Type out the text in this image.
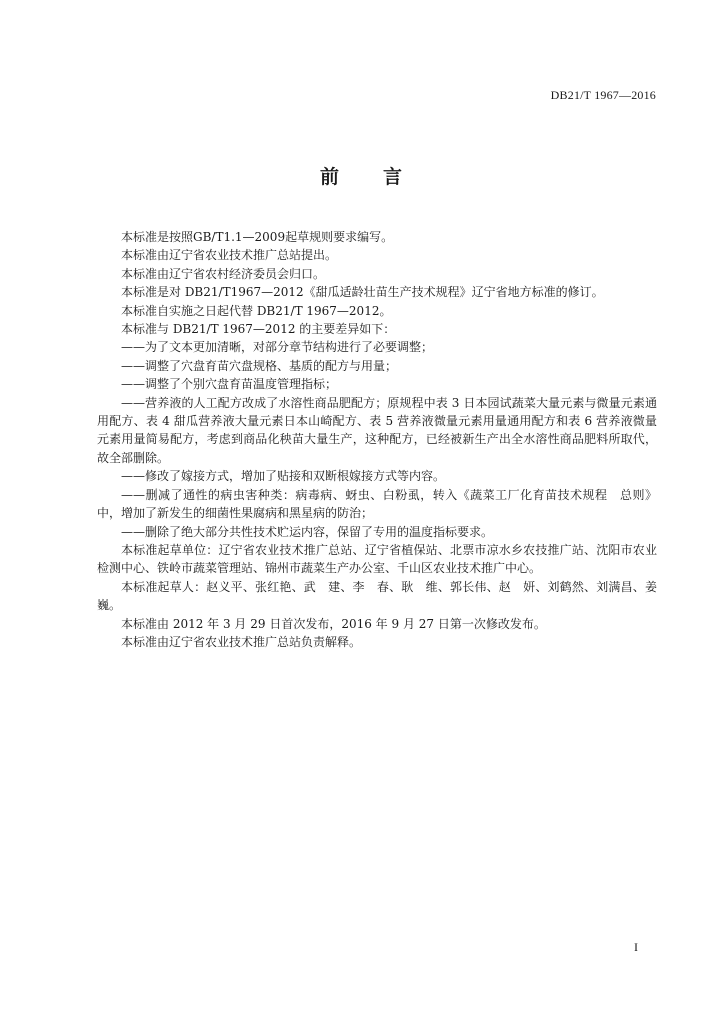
DB21/T 1967—2016
前　　言

本标准是按照GB/T1.1—2009起草规则要求编写。

本标准由辽宁省农业技术推广总站提出。

本标准由辽宁省农村经济委员会归口。

本标准是对 DB21/T1967—2012《甜瓜适龄壮苗生产技术规程》辽宁省地方标准的修订。

本标准自实施之日起代替 DB21/T 1967—2012。

本标准与 DB21/T 1967—2012 的主要差异如下：

——为了文本更加清晰，对部分章节结构进行了必要调整；

——调整了穴盘育苗穴盘规格、基质的配方与用量；

——调整了个别穴盘育苗温度管理指标；

——营养液的人工配方改成了水溶性商品肥配方；原规程中表 3 日本园试蔬菜大量元素与微量元素通用配方、表 4 甜瓜营养液大量元素日本山崎配方、表 5 营养液微量元素用量通用配方和表 6 营养液微量元素用量简易配方，考虑到商品化秧苗大量生产，这种配方，已经被新生产出全水溶性商品肥料所取代，故全部删除。

——修改了嫁接方式，增加了贴接和双断根嫁接方式等内容。

——删减了通性的病虫害种类：病毒病、蚜虫、白粉虱，转入《蔬菜工厂化育苗技术规程　总则》中，增加了新发生的细菌性果腐病和黑星病的防治；

——删除了绝大部分共性技术贮运内容，保留了专用的温度指标要求。

本标准起草单位：辽宁省农业技术推广总站、辽宁省植保站、北票市凉水乡农技推广站、沈阳市农业检测中心、铁岭市蔬菜管理站、锦州市蔬菜生产办公室、千山区农业技术推广中心。

本标准起草人：赵义平、张红艳、武　建、李　春、耿　维、郭长伟、赵　妍、刘鹤然、刘满昌、姜　巍。

本标准由 2012 年 3 月 29 日首次发布，2016 年 9 月 27 日第一次修改发布。

本标准由辽宁省农业技术推广总站负责解释。

I
